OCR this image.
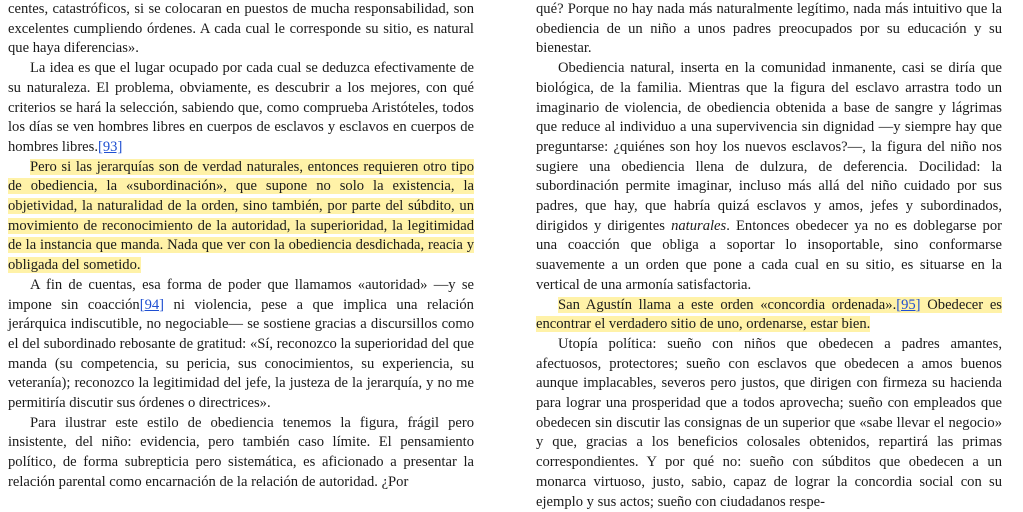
centes, catastróficos, si se colocaran en puestos de mucha responsabilidad, son excelentes cumpliendo órdenes. A cada cual le corresponde su sitio, es natural que haya diferencias».

La idea es que el lugar ocupado por cada cual se deduzca efectivamente de su naturaleza. El problema, obviamente, es descubrir a los mejores, con qué criterios se hará la selección, sabiendo que, como comprueba Aristóteles, todos los días se ven hombres libres en cuerpos de esclavos y esclavos en cuerpos de hombres libres.[93]

Pero si las jerarquías son de verdad naturales, entonces requieren otro tipo de obediencia, la «subordinación», que supone no solo la existencia, la objetividad, la naturalidad de la orden, sino también, por parte del súbdito, un movimiento de reconocimiento de la autoridad, la superioridad, la legitimidad de la instancia que manda. Nada que ver con la obediencia desdichada, reacia y obligada del sometido.

A fin de cuentas, esa forma de poder que llamamos «autoridad» —y se impone sin coacción[94] ni violencia, pese a que implica una relación jerárquica indiscutible, no negociable— se sostiene gracias a discursillos como el del subordinado rebosante de gratitud: «Sí, reconozco la superioridad del que manda (su competencia, su pericia, sus conocimientos, su experiencia, su veteranía); reconozco la legitimidad del jefe, la justeza de la jerarquía, y no me permitiría discutir sus órdenes o directrices».

Para ilustrar este estilo de obediencia tenemos la figura, frágil pero insistente, del niño: evidencia, pero también caso límite. El pensamiento político, de forma subrepticia pero sistemática, es aficionado a presentar la relación parental como encarnación de la relación de autoridad. ¿Por

qué? Porque no hay nada más naturalmente legítimo, nada más intuitivo que la obediencia de un niño a unos padres preocupados por su educación y su bienestar.

Obediencia natural, inserta en la comunidad inmanente, casi se diría que biológica, de la familia. Mientras que la figura del esclavo arrastra todo un imaginario de violencia, de obediencia obtenida a base de sangre y lágrimas que reduce al individuo a una supervivencia sin dignidad —y siempre hay que preguntarse: ¿quiénes son hoy los nuevos esclavos?—, la figura del niño nos sugiere una obediencia llena de dulzura, de deferencia. Docilidad: la subordinación permite imaginar, incluso más allá del niño cuidado por sus padres, que hay, que habría quizá esclavos y amos, jefes y subordinados, dirigidos y dirigentes naturales. Entonces obedecer ya no es doblegarse por una coacción que obliga a soportar lo insoportable, sino conformarse suavemente a un orden que pone a cada cual en su sitio, es situarse en la vertical de una armonía satisfactoria.

San Agustín llama a este orden «concordia ordenada».[95] Obedecer es encontrar el verdadero sitio de uno, ordenarse, estar bien.

Utopía política: sueño con niños que obedecen a padres amantes, afectuosos, protectores; sueño con esclavos que obedecen a amos buenos aunque implacables, severos pero justos, que dirigen con firmeza su hacienda para lograr una prosperidad que a todos aprovecha; sueño con empleados que obedecen sin discutir las consignas de un superior que «sabe llevar el negocio» y que, gracias a los beneficios colosales obtenidos, repartirá las primas correspondientes. Y por qué no: sueño con súbditos que obedecen a un monarca virtuoso, justo, sabio, capaz de lograr la concordia social con su ejemplo y sus actos; sueño con ciudadanos respe-
